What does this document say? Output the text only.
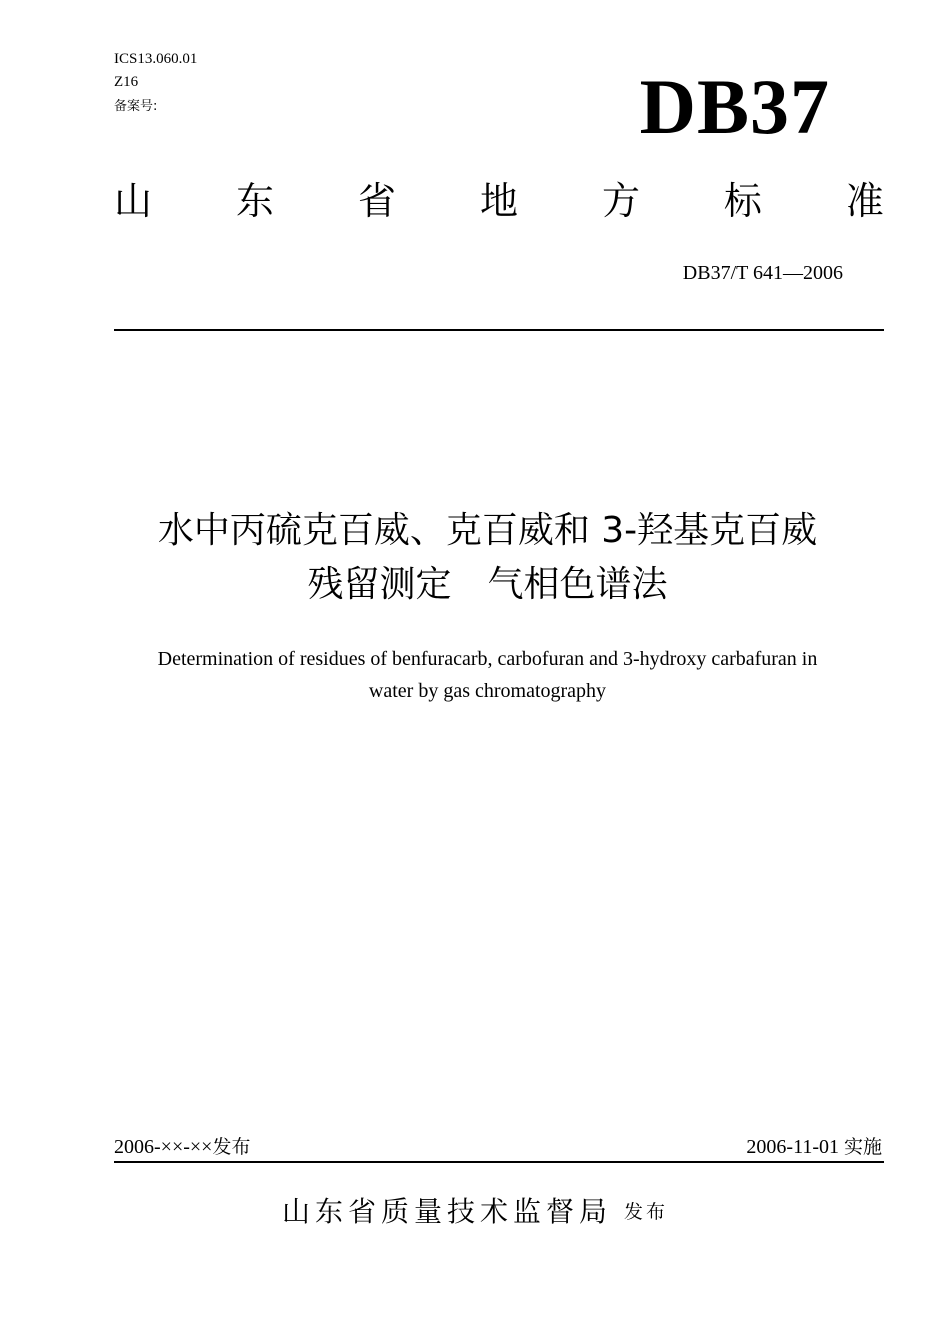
ICS13.060.01
Z16
备案号:	DB37
山 东 省 地 方 标 准
DB37/T 641—2006
水中丙硫克百威、克百威和 3-羟基克百威
残留测定　气相色谱法
Determination of residues of benfuracarb, carbofuran and 3-hydroxy carbafuran in
water by gas chromatography
2006-××-××发布	2006-11-01 实施
山东省质量技术监督局 发布
